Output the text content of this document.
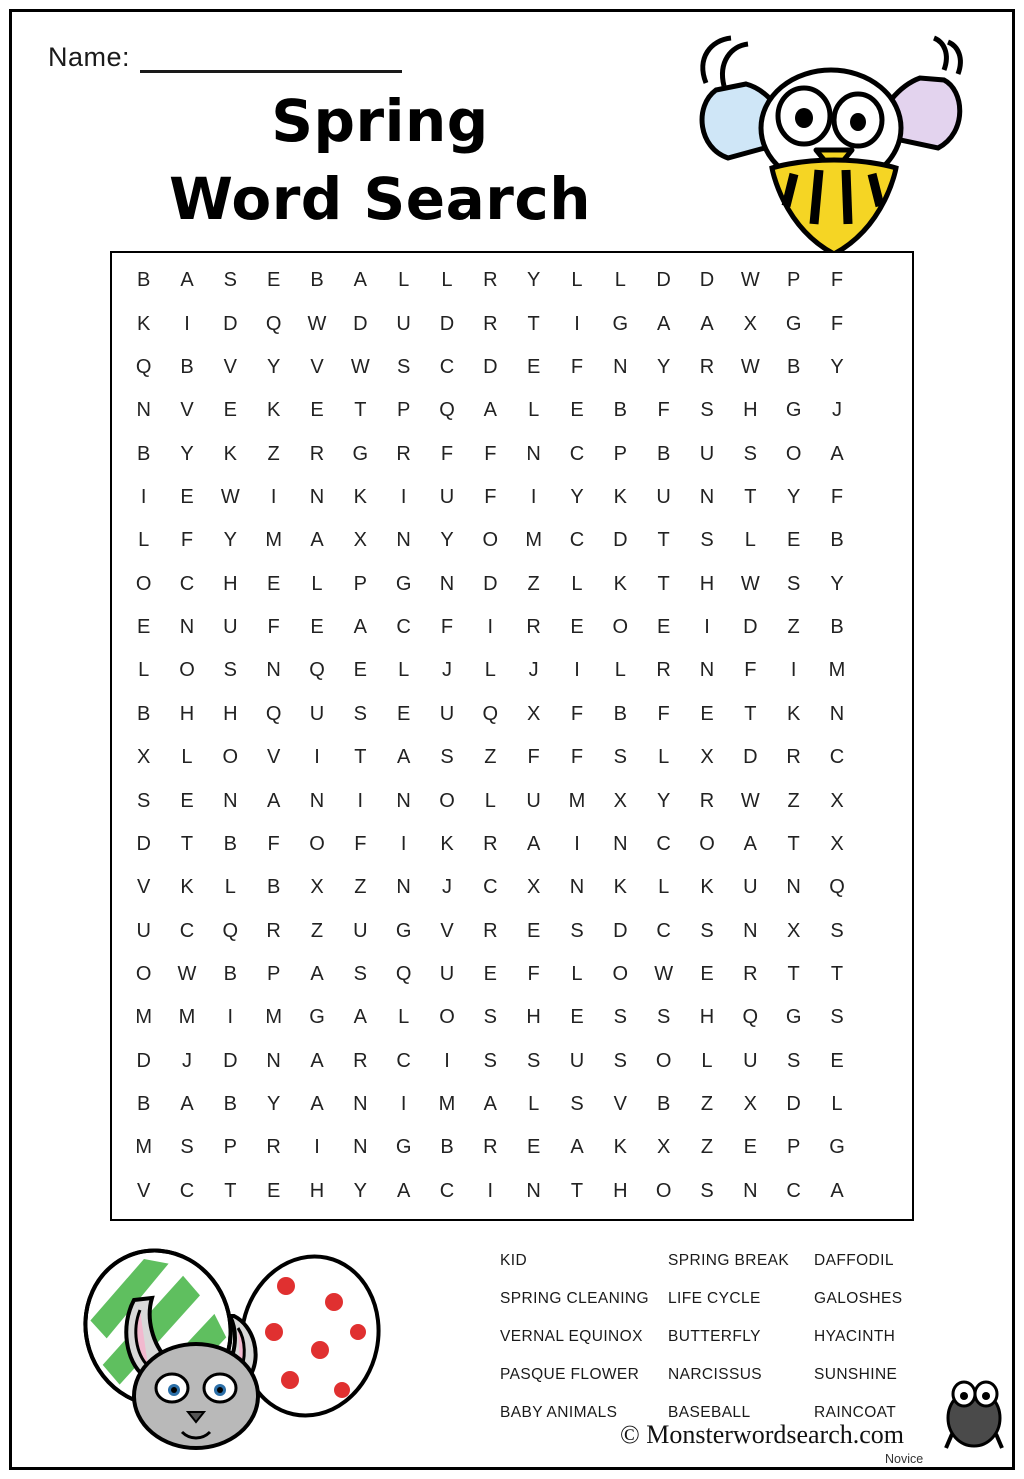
Name:
Spring
Word Search
B	A	S	E	B	A	L	L	R	Y	L	L	D	D	W	P	F
K	I	D	Q	W	D	U	D	R	T	I	G	A	A	X	G	F
Q	B	V	Y	V	W	S	C	D	E	F	N	Y	R	W	B	Y
N	V	E	K	E	T	P	Q	A	L	E	B	F	S	H	G	J
B	Y	K	Z	R	G	R	F	F	N	C	P	B	U	S	O	A
I	E	W	I	N	K	I	U	F	I	Y	K	U	N	T	Y	F
L	F	Y	M	A	X	N	Y	O	M	C	D	T	S	L	E	B
O	C	H	E	L	P	G	N	D	Z	L	K	T	H	W	S	Y
E	N	U	F	E	A	C	F	I	R	E	O	E	I	D	Z	B
L	O	S	N	Q	E	L	J	L	J	I	L	R	N	F	I	M
B	H	H	Q	U	S	E	U	Q	X	F	B	F	E	T	K	N
X	L	O	V	I	T	A	S	Z	F	F	S	L	X	D	R	C
S	E	N	A	N	I	N	O	L	U	M	X	Y	R	W	Z	X
D	T	B	F	O	F	I	K	R	A	I	N	C	O	A	T	X
V	K	L	B	X	Z	N	J	C	X	N	K	L	K	U	N	Q
U	C	Q	R	Z	U	G	V	R	E	S	D	C	S	N	X	S
O	W	B	P	A	S	Q	U	E	F	L	O	W	E	R	T	T
M	M	I	M	G	A	L	O	S	H	E	S	S	H	Q	G	S
D	J	D	N	A	R	C	I	S	S	U	S	O	L	U	S	E
B	A	B	Y	A	N	I	M	A	L	S	V	B	Z	X	D	L
M	S	P	R	I	N	G	B	R	E	A	K	X	Z	E	P	G
V	C	T	E	H	Y	A	C	I	N	T	H	O	S	N	C	A
KID	SPRING BREAK	DAFFODIL
SPRING CLEANING	LIFE CYCLE	GALOSHES
VERNAL EQUINOX	BUTTERFLY	HYACINTH
PASQUE FLOWER	NARCISSUS	SUNSHINE
BABY ANIMALS	BASEBALL	RAINCOAT
© Monsterwordsearch.com
Novice
